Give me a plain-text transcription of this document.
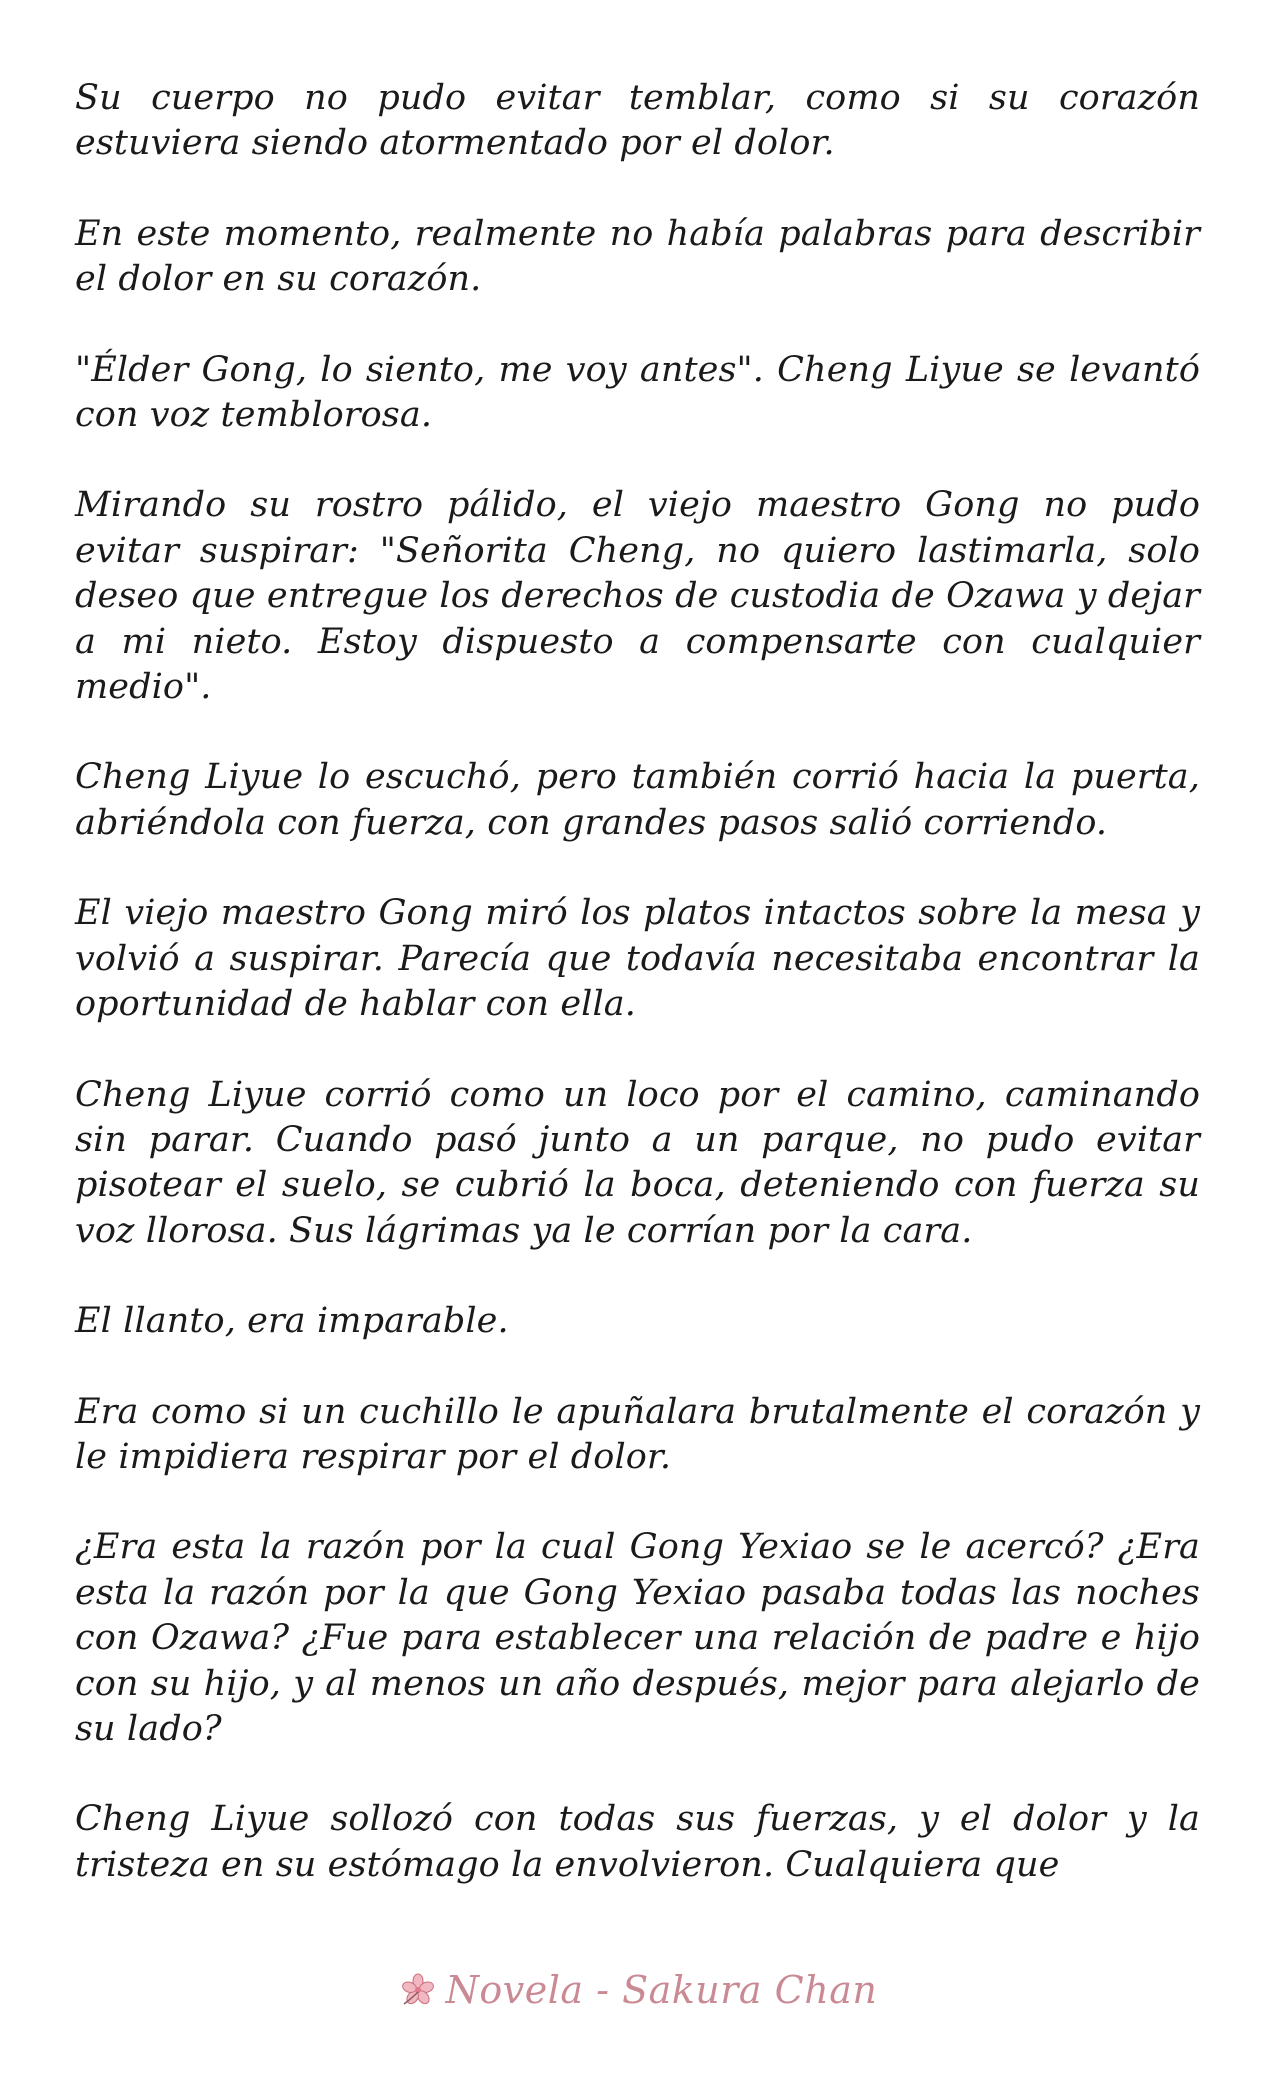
Su cuerpo no pudo evitar temblar, como si su corazón estuviera siendo atormentado por el dolor.

En este momento, realmente no había palabras para describir el dolor en su corazón.

"Élder Gong, lo siento, me voy antes". Cheng Liyue se levantó con voz temblorosa.

Mirando su rostro pálido, el viejo maestro Gong no pudo evitar suspirar: "Señorita Cheng, no quiero lastimarla, solo deseo que entregue los derechos de custodia de Ozawa y dejar a mi nieto. Estoy dispuesto a compensarte con cualquier medio".

Cheng Liyue lo escuchó, pero también corrió hacia la puerta, abriéndola con fuerza, con grandes pasos salió corriendo.

El viejo maestro Gong miró los platos intactos sobre la mesa y volvió a suspirar. Parecía que todavía necesitaba encontrar la oportunidad de hablar con ella.

Cheng Liyue corrió como un loco por el camino, caminando sin parar. Cuando pasó junto a un parque, no pudo evitar pisotear el suelo, se cubrió la boca, deteniendo con fuerza su voz llorosa. Sus lágrimas ya le corrían por la cara.

El llanto, era imparable.

Era como si un cuchillo le apuñalara brutalmente el corazón y le impidiera respirar por el dolor.

¿Era esta la razón por la cual Gong Yexiao se le acercó? ¿Era esta la razón por la que Gong Yexiao pasaba todas las noches con Ozawa? ¿Fue para establecer una relación de padre e hijo con su hijo, y al menos un año después, mejor para alejarlo de su lado?

Cheng Liyue sollozó con todas sus fuerzas, y el dolor y la tristeza en su estómago la envolvieron. Cualquiera que

Novela - Sakura Chan
